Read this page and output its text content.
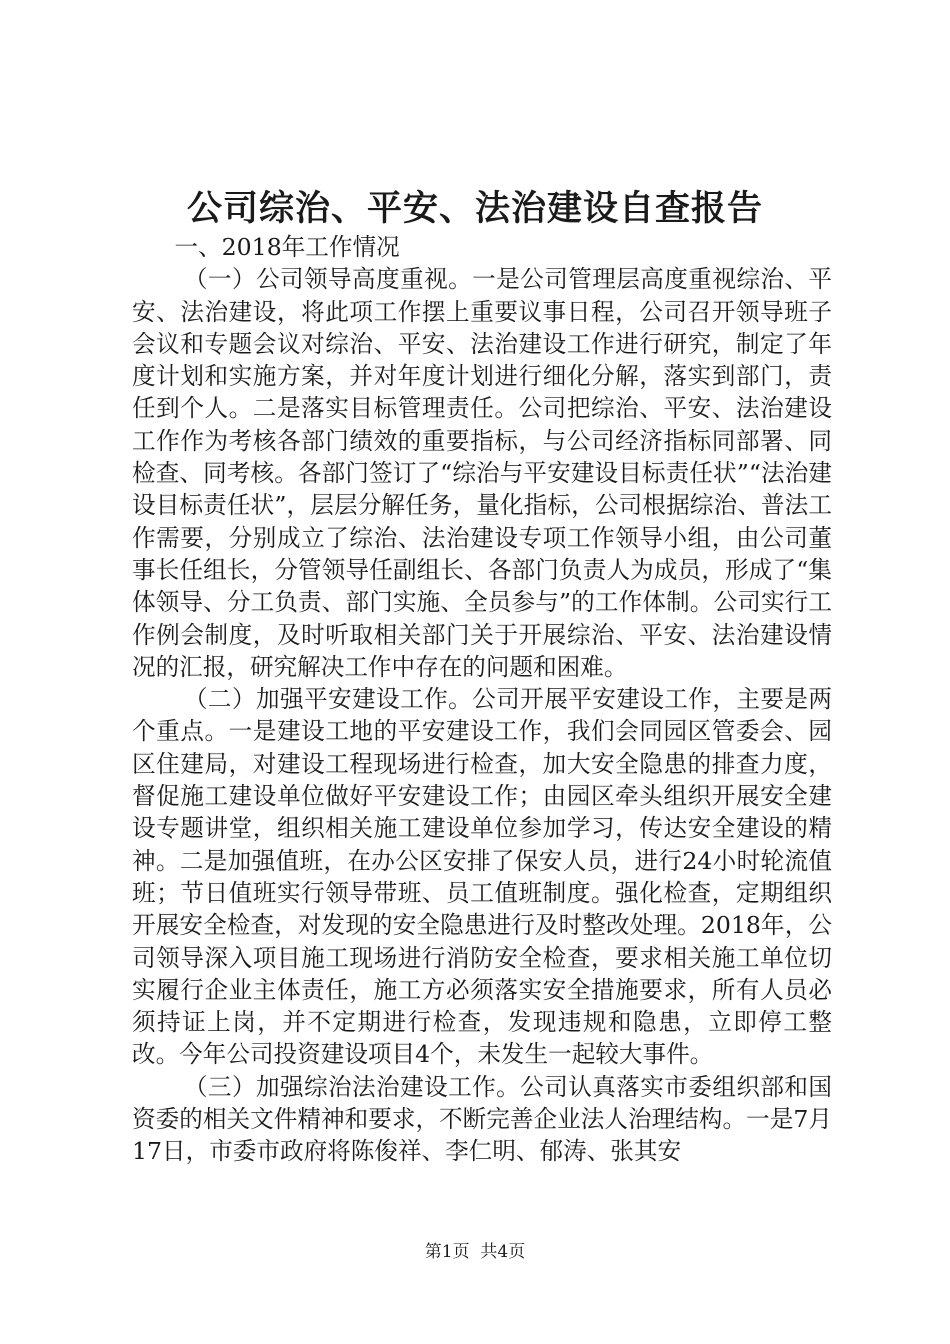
公司综治、平安、法治建设自查报告

一、2018年工作情况

（一）公司领导高度重视。一是公司管理层高度重视综治、平安、法治建设，将此项工作摆上重要议事日程，公司召开领导班子会议和专题会议对综治、平安、法治建设工作进行研究，制定了年度计划和实施方案，并对年度计划进行细化分解，落实到部门，责任到个人。二是落实目标管理责任。公司把综治、平安、法治建设工作作为考核各部门绩效的重要指标，与公司经济指标同部署、同检查、同考核。各部门签订了“综治与平安建设目标责任状”“法治建设目标责任状”，层层分解任务，量化指标，公司根据综治、普法工作需要，分别成立了综治、法治建设专项工作领导小组，由公司董事长任组长，分管领导任副组长、各部门负责人为成员，形成了“集体领导、分工负责、部门实施、全员参与”的工作体制。公司实行工作例会制度，及时听取相关部门关于开展综治、平安、法治建设情况的汇报，研究解决工作中存在的问题和困难。

（二）加强平安建设工作。公司开展平安建设工作，主要是两个重点。一是建设工地的平安建设工作，我们会同园区管委会、园区住建局，对建设工程现场进行检查，加大安全隐患的排查力度，督促施工建设单位做好平安建设工作；由园区牵头组织开展安全建设专题讲堂，组织相关施工建设单位参加学习，传达安全建设的精神。二是加强值班，在办公区安排了保安人员，进行24小时轮流值班；节日值班实行领导带班、员工值班制度。强化检查，定期组织开展安全检查，对发现的安全隐患进行及时整改处理。2018年，公司领导深入项目施工现场进行消防安全检查，要求相关施工单位切实履行企业主体责任，施工方必须落实安全措施要求，所有人员必须持证上岗，并不定期进行检查，发现违规和隐患，立即停工整改。今年公司投资建设项目4个，未发生一起较大事件。

（三）加强综治法治建设工作。公司认真落实市委组织部和国资委的相关文件精神和要求，不断完善企业法人治理结构。一是7月17日，市委市政府将陈俊祥、李仁明、郁涛、张其安

第1页  共4页
